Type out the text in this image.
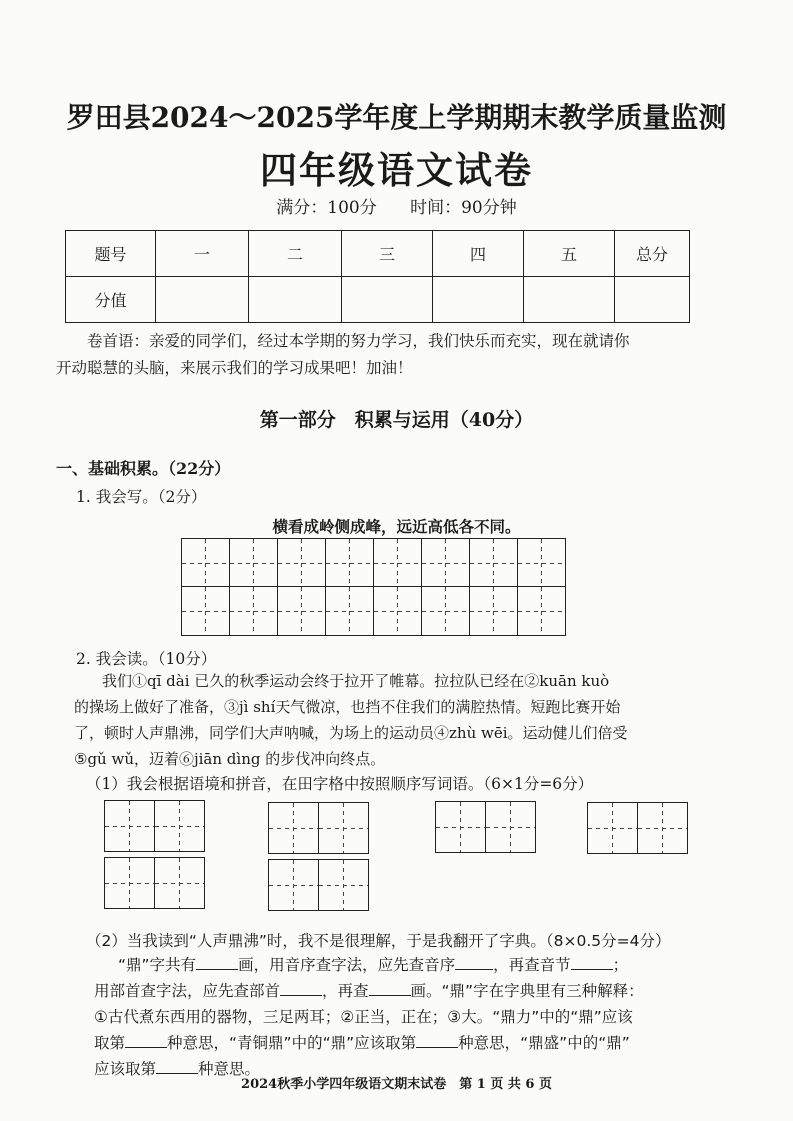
罗田县2024～2025学年度上学期期末教学质量监测
四年级语文试卷
满分：100分 时间：90分钟
题号	一	二	三	四	五	总分
分值						
卷首语：亲爱的同学们，经过本学期的努力学习，我们快乐而充实，现在就请你
开动聪慧的头脑，来展示我们的学习成果吧！加油！
第一部分　积累与运用（40分）
一、基础积累。（22分）
1. 我会写。（2分）
横看成岭侧成峰，远近高低各不同。
2. 我会读。（10分）
我们①qī dài 已久的秋季运动会终于拉开了帷幕。拉拉队已经在②kuān kuò
的操场上做好了准备，③jì shí天气微凉，也挡不住我们的满腔热情。短跑比赛开始
了，顿时人声鼎沸，同学们大声呐喊，为场上的运动员④zhù wēi。运动健儿们倍受
⑤gǔ wǔ，迈着⑥jiān dìng 的步伐冲向终点。
（1）我会根据语境和拼音，在田字格中按照顺序写词语。（6×1分=6分）
（2）当我读到“人声鼎沸”时，我不是很理解，于是我翻开了字典。（8×0.5分=4分）
“鼎”字共有	画，用音序查字法，应先查音序 ，再查音节	；
用部首查字法，应先查部首	，再查	画。“鼎”字在字典里有三种解释：
①古代煮东西用的器物，三足两耳；②正当，正在；③大。“鼎力”中的“鼎”应该
取第	种意思，“青铜鼎”中的“鼎”应该取第	种意思，“鼎盛”中的“鼎”
应该取第	种意思。
2024秋季小学四年级语文期末试卷　第 1 页 共 6 页
